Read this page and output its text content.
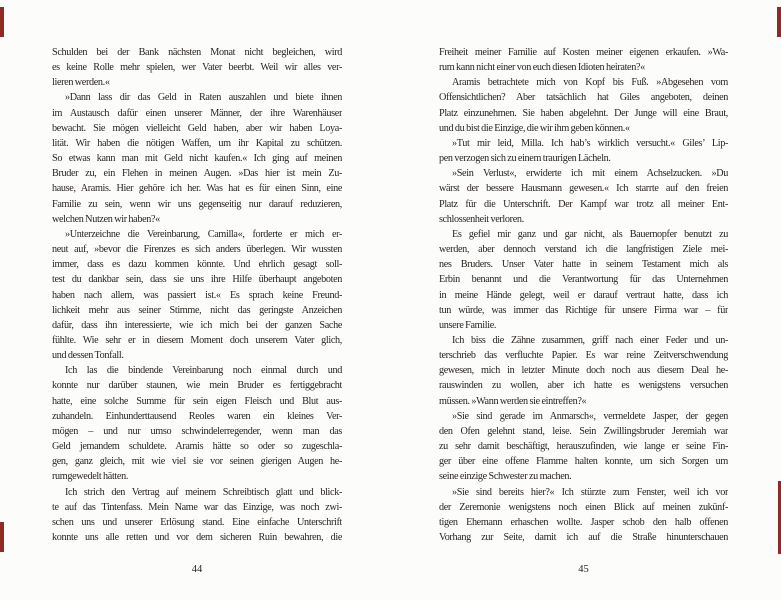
Schulden bei der Bank nächsten Monat nicht begleichen, wird
es keine Rolle mehr spielen, wer Vater beerbt. Weil wir alles ver-
lieren werden.«
»Dann lass dir das Geld in Raten auszahlen und biete ihnen
im Austausch dafür einen unserer Männer, der ihre Warenhäuser
bewacht. Sie mögen vielleicht Geld haben, aber wir haben Loya-
lität. Wir haben die nötigen Waffen, um ihr Kapital zu schützen.
So etwas kann man mit Geld nicht kaufen.« Ich ging auf meinen
Bruder zu, ein Flehen in meinen Augen. »Das hier ist mein Zu-
hause, Aramis. Hier gehöre ich her. Was hat es für einen Sinn, eine
Familie zu sein, wenn wir uns gegenseitig nur darauf reduzieren,
welchen Nutzen wir haben?«
»Unterzeichne die Vereinbarung, Camilla«, forderte er mich er-
neut auf, »bevor die Firenzes es sich anders überlegen. Wir wussten
immer, dass es dazu kommen könnte. Und ehrlich gesagt soll-
test du dankbar sein, dass sie uns ihre Hilfe überhaupt angeboten
haben nach allem, was passiert ist.« Es sprach keine Freund-
lichkeit mehr aus seiner Stimme, nicht das geringste Anzeichen
dafür, dass ihn interessierte, wie ich mich bei der ganzen Sache
fühlte. Wie sehr er in diesem Moment doch unserem Vater glich,
und dessen Tonfall.
Ich las die bindende Vereinbarung noch einmal durch und
konnte nur darüber staunen, wie mein Bruder es fertiggebracht
hatte, eine solche Summe für sein eigen Fleisch und Blut aus-
zuhandeln. Einhunderttausend Reoles waren ein kleines Ver-
mögen – und nur umso schwindelerregender, wenn man das
Geld jemandem schuldete. Aramis hätte so oder so zugeschla-
gen, ganz gleich, mit wie viel sie vor seinen gierigen Augen he-
rumgewedelt hätten.
Ich strich den Vertrag auf meinem Schreibtisch glatt und blick-
te auf das Tintenfass. Mein Name war das Einzige, was noch zwi-
schen uns und unserer Erlösung stand. Eine einfache Unterschrift
konnte uns alle retten und vor dem sicheren Ruin bewahren, die
Freiheit meiner Familie auf Kosten meiner eigenen erkaufen. »Wa-
rum kann nicht einer von euch diesen Idioten heiraten?«
Aramis betrachtete mich von Kopf bis Fuß. »Abgesehen vom
Offensichtlichen? Aber tatsächlich hat Giles angeboten, deinen
Platz einzunehmen. Sie haben abgelehnt. Der Junge will eine Braut,
und du bist die Einzige, die wir ihm geben können.«
»Tut mir leid, Milla. Ich hab’s wirklich versucht.« Giles’ Lip-
pen verzogen sich zu einem traurigen Lächeln.
»Sein Verlust«, erwiderte ich mit einem Achselzucken. »Du
wärst der bessere Hausmann gewesen.« Ich starrte auf den freien
Platz für die Unterschrift. Der Kampf war trotz all meiner Ent-
schlossenheit verloren.
Es gefiel mir ganz und gar nicht, als Bauernopfer benutzt zu
werden, aber dennoch verstand ich die langfristigen Ziele mei-
nes Bruders. Unser Vater hatte in seinem Testament mich als
Erbin benannt und die Verantwortung für das Unternehmen
in meine Hände gelegt, weil er darauf vertraut hatte, dass ich
tun würde, was immer das Richtige für unsere Firma war – für
unsere Familie.
Ich biss die Zähne zusammen, griff nach einer Feder und un-
terschrieb das verfluchte Papier. Es war reine Zeitverschwendung
gewesen, mich in letzter Minute doch noch aus diesem Deal he-
rauswinden zu wollen, aber ich hatte es wenigstens versuchen
müssen. »Wann werden sie eintreffen?«
»Sie sind gerade im Anmarsch«, vermeldete Jasper, der gegen
den Ofen gelehnt stand, leise. Sein Zwillingsbruder Jeremiah war
zu sehr damit beschäftigt, herauszufinden, wie lange er seine Fin-
ger über eine offene Flamme halten konnte, um sich Sorgen um
seine einzige Schwester zu machen.
»Sie sind bereits hier?« Ich stürzte zum Fenster, weil ich vor
der Zeremonie wenigstens noch einen Blick auf meinen zukünf-
tigen Ehemann erhaschen wollte. Jasper schob den halb offenen
Vorhang zur Seite, damit ich auf die Straße hinunterschauen
44	45
